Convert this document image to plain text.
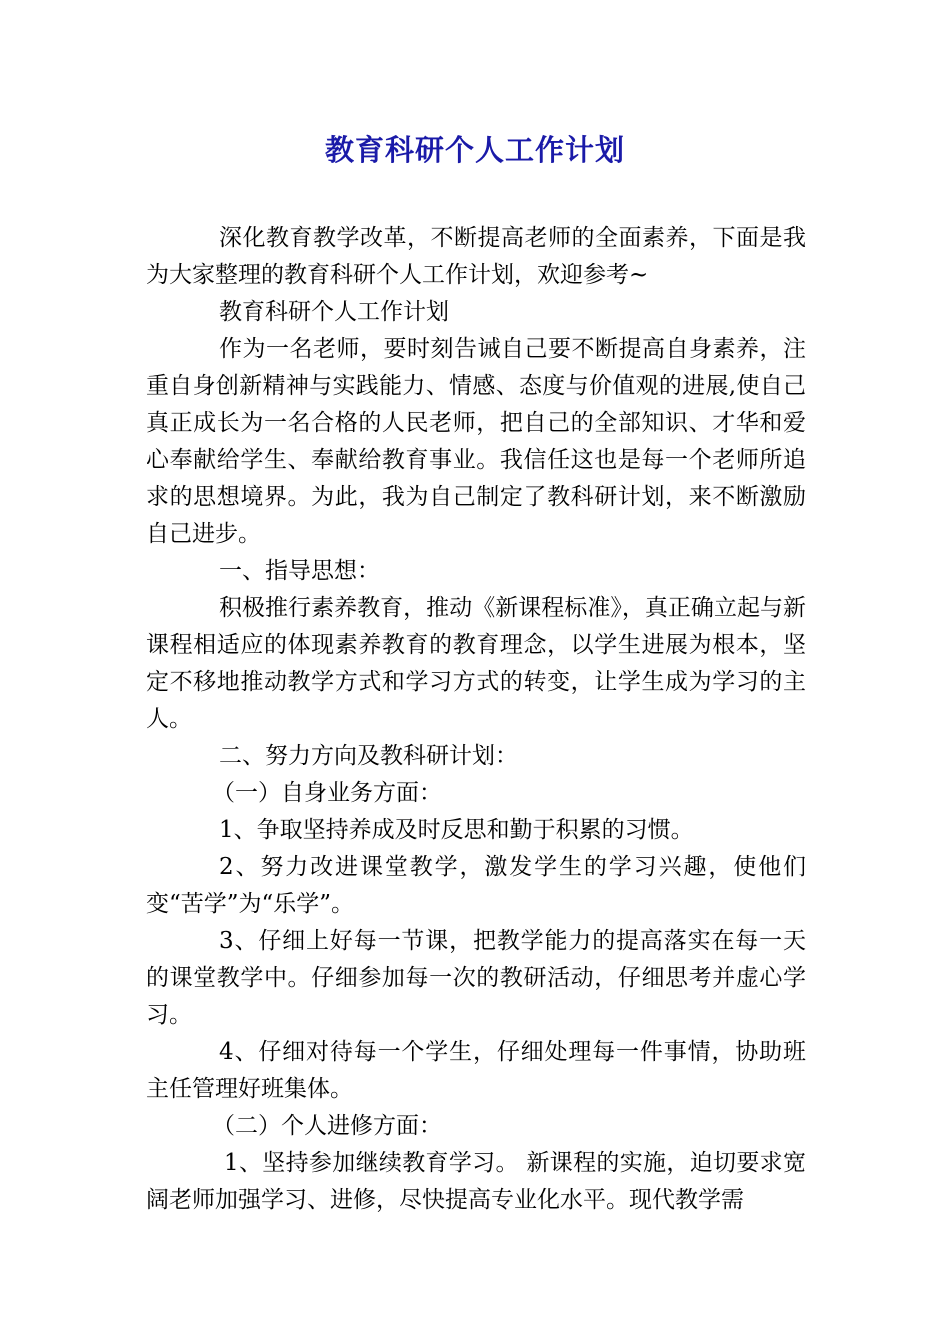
教育科研个人工作计划

深化教育教学改革，不断提高老师的全面素养，下面是我为大家整理的教育科研个人工作计划，欢迎参考~

教育科研个人工作计划

作为一名老师，要时刻告诫自己要不断提高自身素养，注重自身创新精神与实践能力、情感、态度与价值观的进展,使自己真正成长为一名合格的人民老师，把自己的全部知识、才华和爱心奉献给学生、奉献给教育事业。我信任这也是每一个老师所追求的思想境界。为此，我为自己制定了教科研计划，来不断激励自己进步。

一、指导思想：

积极推行素养教育，推动《新课程标准》，真正确立起与新课程相适应的体现素养教育的教育理念，以学生进展为根本，坚定不移地推动教学方式和学习方式的转变，让学生成为学习的主人。

二、努力方向及教科研计划：

（一）自身业务方面：

1、争取坚持养成及时反思和勤于积累的习惯。

2、努力改进课堂教学，激发学生的学习兴趣，使他们变“苦学”为“乐学”。

3、仔细上好每一节课，把教学能力的提高落实在每一天的课堂教学中。仔细参加每一次的教研活动，仔细思考并虚心学习。

4、仔细对待每一个学生，仔细处理每一件事情，协助班主任管理好班集体。

（二）个人进修方面：

1、坚持参加继续教育学习。 新课程的实施，迫切要求宽阔老师加强学习、进修，尽快提高专业化水平。现代教学需
